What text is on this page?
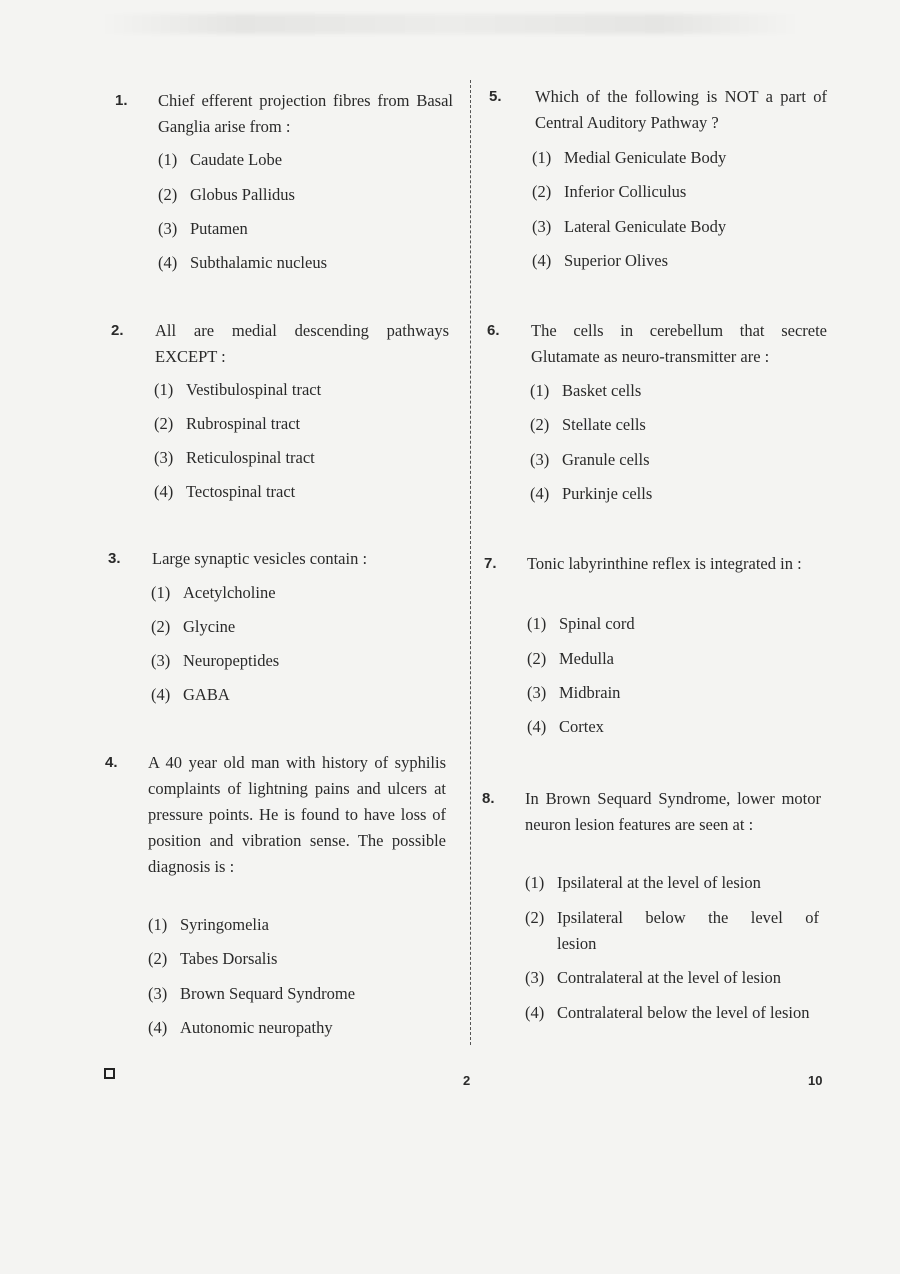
1. Chief efferent projection fibres from Basal Ganglia arise from :
(1) Caudate Lobe
(2) Globus Pallidus
(3) Putamen
(4) Subthalamic nucleus
2. All are medial descending pathways EXCEPT :
(1) Vestibulospinal tract
(2) Rubrospinal tract
(3) Reticulospinal tract
(4) Tectospinal tract
3. Large synaptic vesicles contain :
(1) Acetylcholine
(2) Glycine
(3) Neuropeptides
(4) GABA
4. A 40 year old man with history of syphilis complaints of lightning pains and ulcers at pressure points. He is found to have loss of position and vibration sense. The possible diagnosis is :
(1) Syringomelia
(2) Tabes Dorsalis
(3) Brown Sequard Syndrome
(4) Autonomic neuropathy
5. Which of the following is NOT a part of Central Auditory Pathway ?
(1) Medial Geniculate Body
(2) Inferior Colliculus
(3) Lateral Geniculate Body
(4) Superior Olives
6. The cells in cerebellum that secrete Glutamate as neuro-transmitter are :
(1) Basket cells
(2) Stellate cells
(3) Granule cells
(4) Purkinje cells
7. Tonic labyrinthine reflex is integrated in :
(1) Spinal cord
(2) Medulla
(3) Midbrain
(4) Cortex
8. In Brown Sequard Syndrome, lower motor neuron lesion features are seen at :
(1) Ipsilateral at the level of lesion
(2) Ipsilateral below the level of lesion
(3) Contralateral at the level of lesion
(4) Contralateral below the level of lesion
2	10
